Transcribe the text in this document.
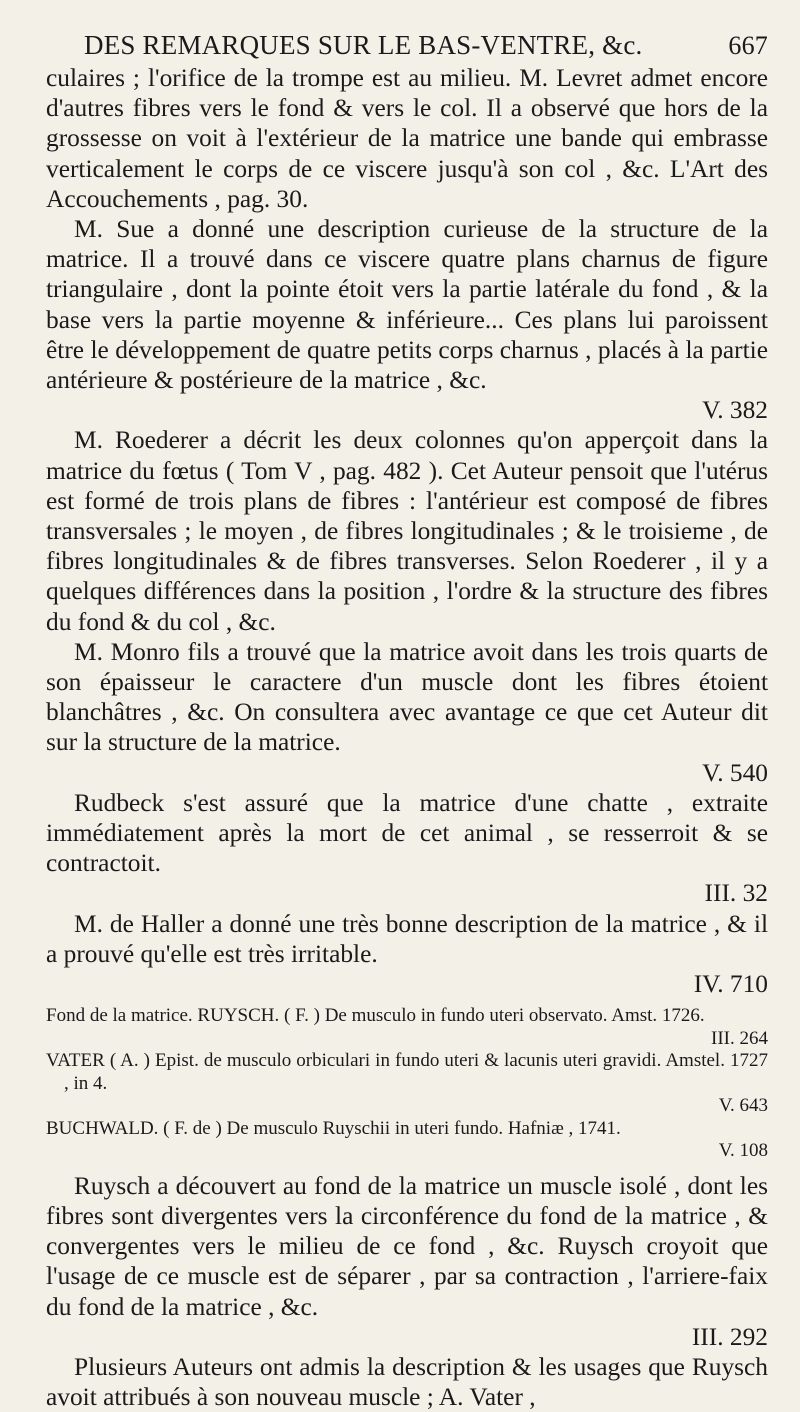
DES REMARQUES SUR LE BAS-VENTRE, &c.	667

culaires ; l'orifice de la trompe est au milieu. M. Levret admet encore d'autres fibres vers le fond & vers le col. Il a observé que hors de la grossesse on voit à l'extérieur de la matrice une bande qui embrasse verticalement le corps de ce viscere jusqu'à son col , &c. L'Art des Accouchements , pag. 30.

M. Sue a donné une description curieuse de la structure de la matrice. Il a trouvé dans ce viscere quatre plans charnus de figure triangulaire , dont la pointe étoit vers la partie latérale du fond , & la base vers la partie moyenne & inférieure... Ces plans lui paroissent être le développement de quatre petits corps charnus , placés à la partie antérieure & postérieure de la matrice , &c.

V. 382

M. Roederer a décrit les deux colonnes qu'on apperçoit dans la matrice du fœtus ( Tom V , pag. 482 ). Cet Auteur pensoit que l'utérus est formé de trois plans de fibres : l'antérieur est composé de fibres transversales ; le moyen , de fibres longitudinales ; & le troisieme , de fibres longitudinales & de fibres transverses. Selon Roederer , il y a quelques différences dans la position , l'ordre & la structure des fibres du fond & du col , &c.

M. Monro fils a trouvé que la matrice avoit dans les trois quarts de son épaisseur le caractere d'un muscle dont les fibres étoient blanchâtres , &c. On consultera avec avantage ce que cet Auteur dit sur la structure de la matrice.

V. 540

Rudbeck s'est assuré que la matrice d'une chatte , extraite immédiatement après la mort de cet animal , se resserroit & se contractoit.

III. 32

M. de Haller a donné une très bonne description de la matrice , & il a prouvé qu'elle est très irritable.

IV. 710
Fond de la matrice. RUYSCH. ( F. ) De musculo in fundo uteri observato. Amst. 1726.
III. 264
VATER ( A. ) Epist. de musculo orbiculari in fundo uteri & lacunis uteri gravidi. Amstel. 1727 , in 4.
V. 643
BUCHWALD. ( F. de ) De musculo Ruyschii in uteri fundo. Hafniæ , 1741.
V. 108

Ruysch a découvert au fond de la matrice un muscle isolé , dont les fibres sont divergentes vers la circonférence du fond de la matrice , & convergentes vers le milieu de ce fond , &c. Ruysch croyoit que l'usage de ce muscle est de séparer , par sa contraction , l'arriere-faix du fond de la matrice , &c.

III. 292

Plusieurs Auteurs ont admis la description & les usages que Ruysch avoit attribués à son nouveau muscle ; A. Vater ,
